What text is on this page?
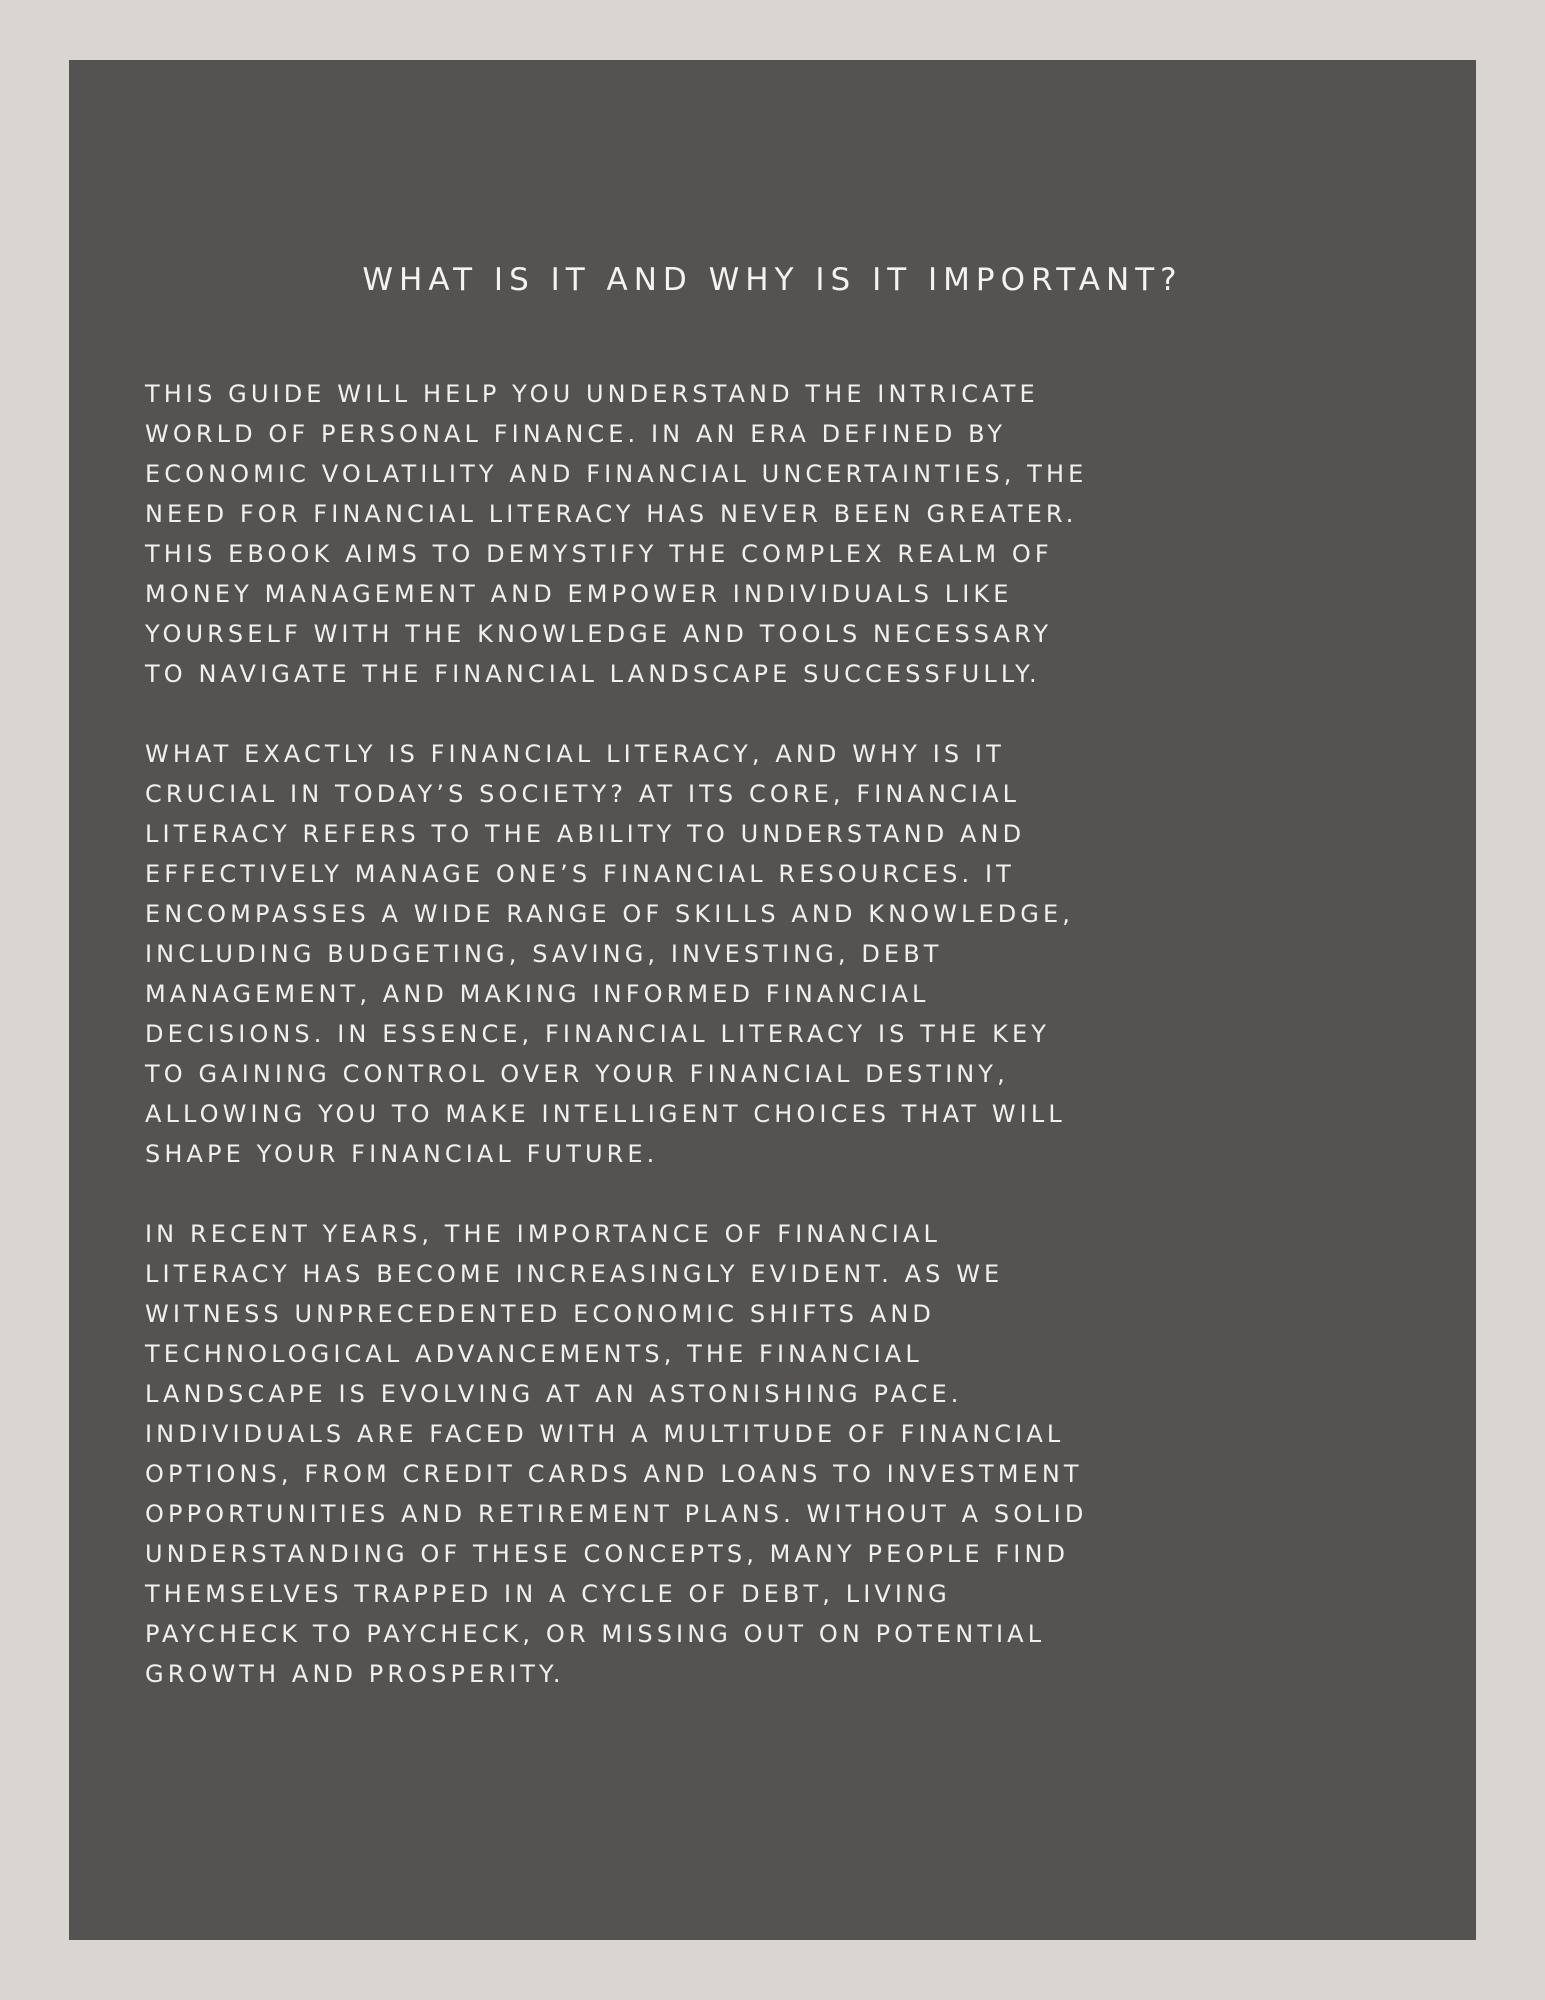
WHAT IS IT AND WHY IS IT IMPORTANT?

THIS GUIDE WILL HELP YOU UNDERSTAND THE INTRICATE
WORLD OF PERSONAL FINANCE. IN AN ERA DEFINED BY
ECONOMIC VOLATILITY AND FINANCIAL UNCERTAINTIES, THE
NEED FOR FINANCIAL LITERACY HAS NEVER BEEN GREATER.
THIS EBOOK AIMS TO DEMYSTIFY THE COMPLEX REALM OF
MONEY MANAGEMENT AND EMPOWER INDIVIDUALS LIKE
YOURSELF WITH THE KNOWLEDGE AND TOOLS NECESSARY
TO NAVIGATE THE FINANCIAL LANDSCAPE SUCCESSFULLY.

WHAT EXACTLY IS FINANCIAL LITERACY, AND WHY IS IT
CRUCIAL IN TODAY’S SOCIETY? AT ITS CORE, FINANCIAL
LITERACY REFERS TO THE ABILITY TO UNDERSTAND AND
EFFECTIVELY MANAGE ONE’S FINANCIAL RESOURCES. IT
ENCOMPASSES A WIDE RANGE OF SKILLS AND KNOWLEDGE,
INCLUDING BUDGETING, SAVING, INVESTING, DEBT
MANAGEMENT, AND MAKING INFORMED FINANCIAL
DECISIONS. IN ESSENCE, FINANCIAL LITERACY IS THE KEY
TO GAINING CONTROL OVER YOUR FINANCIAL DESTINY,
ALLOWING YOU TO MAKE INTELLIGENT CHOICES THAT WILL
SHAPE YOUR FINANCIAL FUTURE.

IN RECENT YEARS, THE IMPORTANCE OF FINANCIAL
LITERACY HAS BECOME INCREASINGLY EVIDENT. AS WE
WITNESS UNPRECEDENTED ECONOMIC SHIFTS AND
TECHNOLOGICAL ADVANCEMENTS, THE FINANCIAL
LANDSCAPE IS EVOLVING AT AN ASTONISHING PACE.
INDIVIDUALS ARE FACED WITH A MULTITUDE OF FINANCIAL
OPTIONS, FROM CREDIT CARDS AND LOANS TO INVESTMENT
OPPORTUNITIES AND RETIREMENT PLANS. WITHOUT A SOLID
UNDERSTANDING OF THESE CONCEPTS, MANY PEOPLE FIND
THEMSELVES TRAPPED IN A CYCLE OF DEBT, LIVING
PAYCHECK TO PAYCHECK, OR MISSING OUT ON POTENTIAL
GROWTH AND PROSPERITY.
